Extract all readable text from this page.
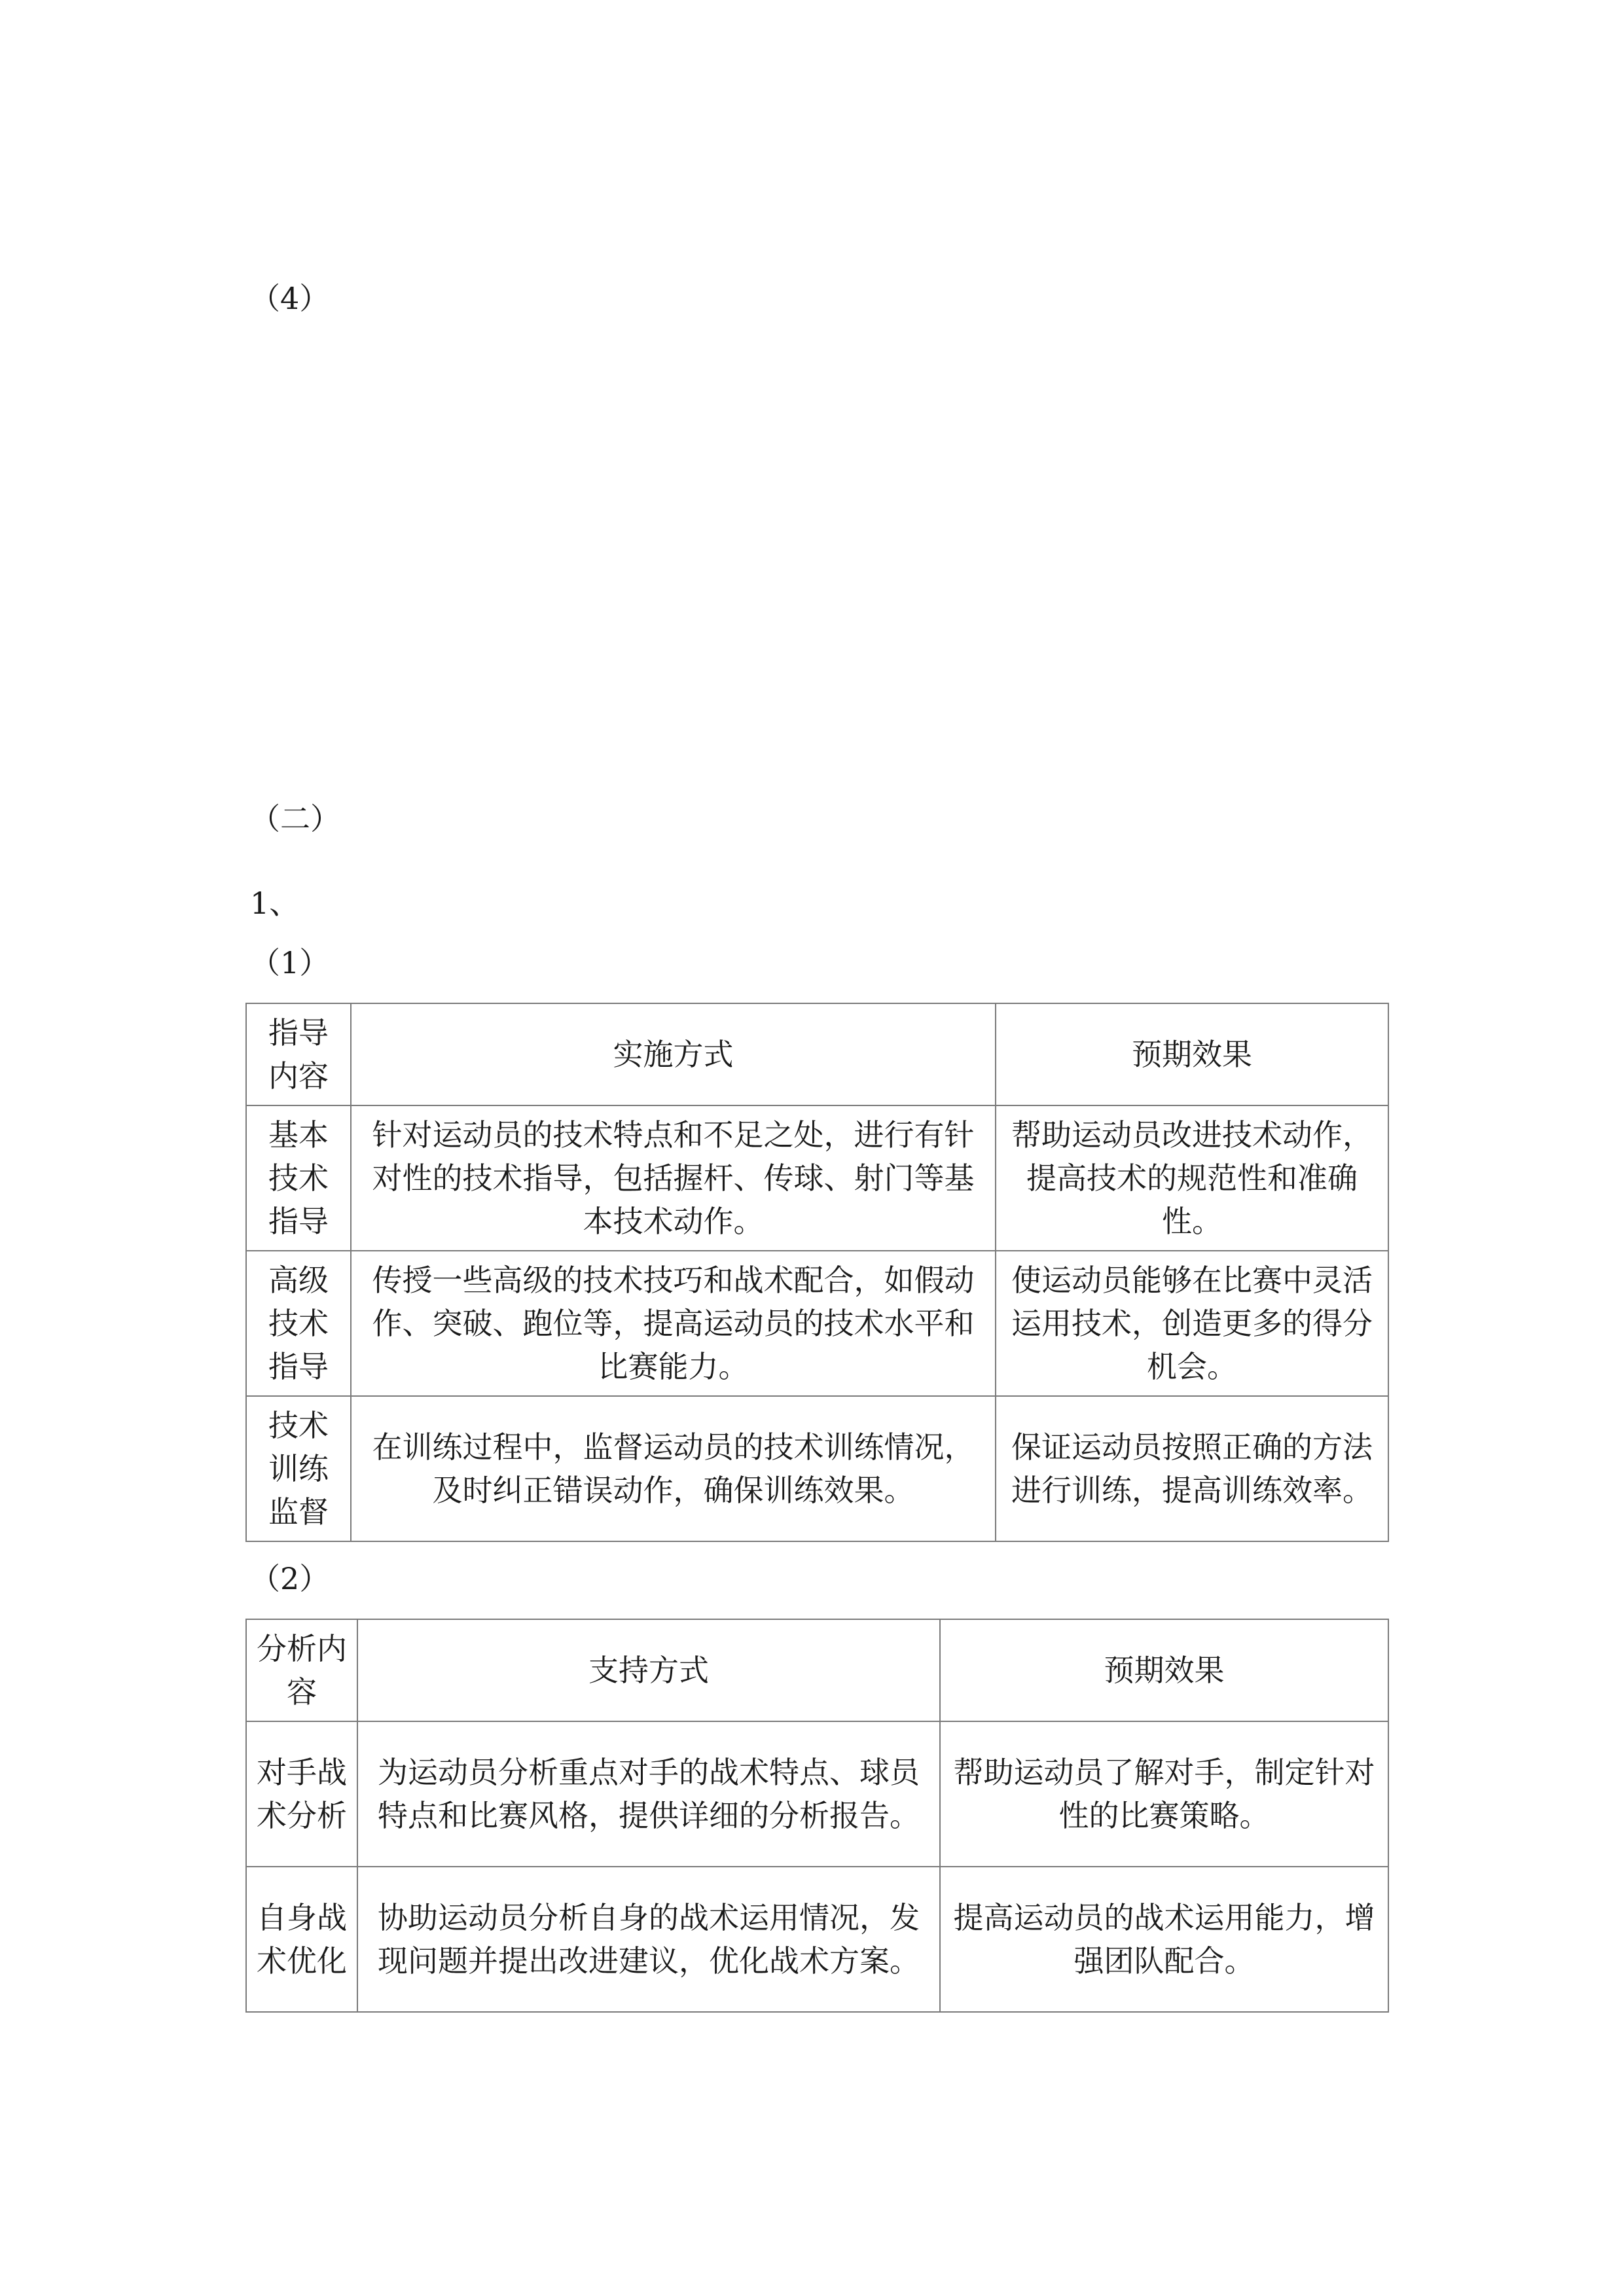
（4）
（二）
1、
（1）
指导内容	实施方式	预期效果
基本技术指导	针对运动员的技术特点和不足之处，进行有针对性的技术指导，包括握杆、传球、射门等基本技术动作。	帮助运动员改进技术动作，提高技术的规范性和准确性。
高级技术指导	传授一些高级的技术技巧和战术配合，如假动作、突破、跑位等，提高运动员的技术水平和比赛能力。	使运动员能够在比赛中灵活运用技术，创造更多的得分机会。
技术训练监督	在训练过程中，监督运动员的技术训练情况，及时纠正错误动作，确保训练效果。	保证运动员按照正确的方法进行训练，提高训练效率。
（2）
分析内容	支持方式	预期效果
对手战术分析	为运动员分析重点对手的战术特点、球员特点和比赛风格，提供详细的分析报告。	帮助运动员了解对手，制定针对性的比赛策略。
自身战术优化	协助运动员分析自身的战术运用情况，发现问题并提出改进建议，优化战术方案。	提高运动员的战术运用能力，增强团队配合。
